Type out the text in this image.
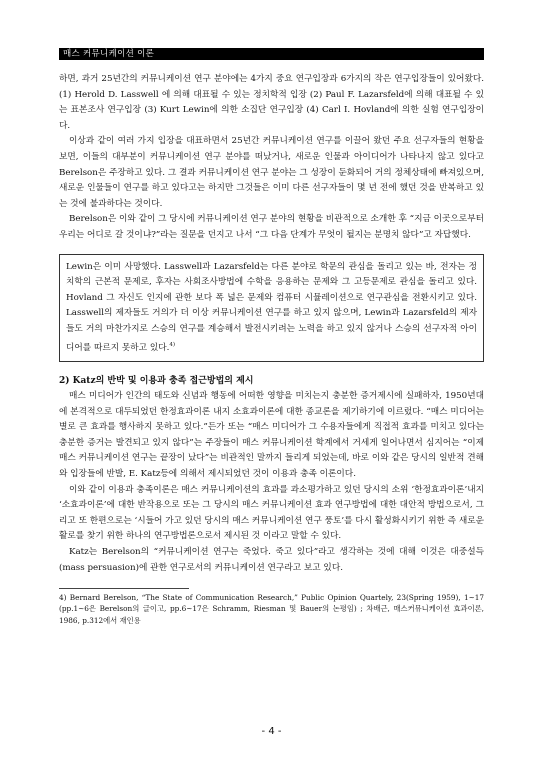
매스 커뮤니케이션 이론

하면, 과거 25년간의 커뮤니케이션 연구 분야에는 4가지 중요 연구입장과 6가지의 작은 연구입장들이 있어왔다. (1) Herold D. Lasswell 에 의해 대표될 수 있는 정치학적 입장 (2) Paul F. Lazarsfeld에 의해 대표될 수 있는 표본조사 연구입장 (3) Kurt Lewin에 의한 소집단 연구입장 (4) Carl I. Hovland에 의한 실험 연구입장이다.

이상과 같이 여러 가지 입장을 대표하면서 25년간 커뮤니케이션 연구를 이끌어 왔던 주요 선구자들의 현황을 보면, 이들의 대부분이 커뮤니케이션 연구 분야를 떠났거나, 새로운 인물과 아이디어가 나타나지 않고 있다고 Berelson은 주장하고 있다. 그 결과 커뮤니케이션 연구 분야는 그 성장이 둔화되어 거의 정체상태에 빠져있으며, 새로운 인물들이 연구를 하고 있다고는 하지만 그것들은 이미 다른 선구자들이 몇 년 전에 했던 것을 반복하고 있는 것에 불과하다는 것이다.

Berelson은 이와 같이 그 당시에 커뮤니케이션 연구 분야의 현황을 비관적으로 소개한 후 “지금 이곳으로부터 우리는 어디로 갈 것이냐?”라는 질문을 던지고 나서 “그 다음 단계가 무엇이 될지는 분명치 않다”고 자답했다.

Lewin은 이미 사망했다. Lasswell과 Lazarsfeld는 다른 분야로 학문의 관심을 돌리고 있는 바, 전자는 정치학의 근본적 문제로, 후자는 사회조사방법에 수학을 응용하는 문제와 그 고등문제로 관심을 돌리고 있다. Hovland 그 자신도 인지에 관한 보다 폭 넓은 문제와 컴퓨터 시뮬레이션으로 연구관심을 전환시키고 있다. Lasswell의 제자들도 거의가 더 이상 커뮤니케이션 연구를 하고 있지 않으며, Lewin과 Lazarsfeld의 제자들도 거의 마찬가지로 스승의 연구를 계승해서 발전시키려는 노력을 하고 있지 않거나 스승의 선구자적 아이디어를 따르지 못하고 있다.$^{4)}$

2) Katz의 반박 및 이용과 충족 접근방법의 제시

매스 미디어가 인간의 태도와 신념과 행동에 어떠한 영향을 미치는지 충분한 증거제시에 실패하자, 1950년대에 본격적으로 대두되었던 한정효과이론 내지 소효과이론에 대한 종교론을 제기하기에 이르렀다. “매스 미디어는 별로 큰 효과를 행사하지 못하고 있다.”든가 또는 “매스 미디어가 그 수용자들에게 직접적 효과를 미치고 있다는 충분한 증거는 발견되고 있지 않다”는 주장들이 매스 커뮤니케이션 학계에서 거세게 일어나면서 심지어는 “이제 매스 커뮤니케이션 연구는 끝장이 났다”는 비관적인 말까지 들리게 되었는데, 바로 이와 같은 당시의 일반적 견해와 입장들에 반발, E. Katz등에 의해서 제시되었던 것이 이용과 충족 이론이다.

이와 같이 이용과 충족이론은 매스 커뮤니케이션의 효과를 과소평가하고 있던 당시의 소위 ‘한정효과이론’내지 ‘소효과이론’에 대한 반작용으로 또는 그 당시의 매스 커뮤니케이션 효과 연구방법에 대한 대안적 방법으로서, 그리고 또 한편으로는 ‘시들어 가고 있던 당시의 매스 커뮤니케이션 연구 풍토’를 다시 활성화시키기 위한 즉 새로운 활로를 찾기 위한 하나의 연구방법론으로서 제시된 것 이라고 말할 수 있다.

Katz는 Berelson의 “커뮤니케이션 연구는 죽었다. 죽고 있다”라고 생각하는 것에 대해 이것은 대중설득(mass persuasion)에 관한 연구로서의 커뮤니케이션 연구라고 보고 있다.

4) Bernard Berelson, “The State of Communication Research,” Public Opinion Quartely, 23(Spring 1959), 1~17 (pp.1~6은 Berelson의 글이고, pp.6~17은 Schramm, Riesman 및 Bauer의 논평임) ; 차배근, 매스커뮤니케이션 효과이론, 1986, p.312에서 재인용

- 4 -
